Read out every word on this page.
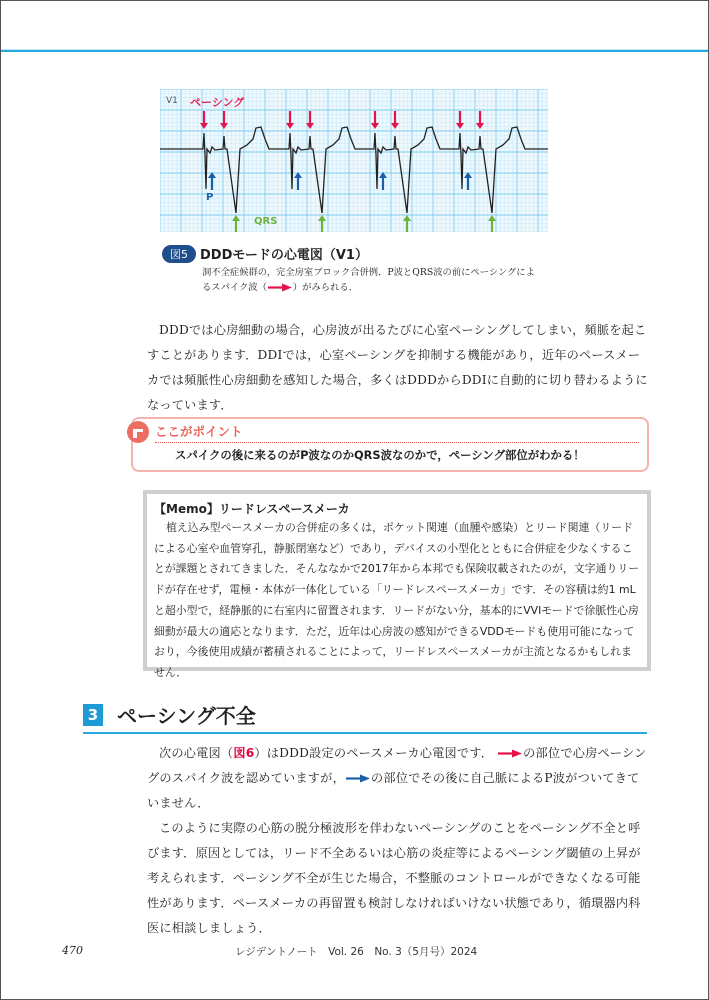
V1 ペーシング
P
QRS
図5 DDDモードの心電図（V1）
洞不全症候群の，完全房室ブロック合併例．P波とQRS波の前にペーシングによ
るスパイク波（	）がみられる．

DDDでは心房細動の場合，心房波が出るたびに心室ペーシングしてしまい，頻脈を起こ

すことがあります．DDIでは，心室ペーシングを抑制する機能があり，近年のペースメー

カでは頻脈性心房細動を感知した場合，多くはDDDからDDIに自動的に切り替わるように

なっています．

ここがポイント
スパイクの後に来るのがP波なのかQRS波なのかで，ペーシング部位がわかる！
【Memo】リードレスペースメーカ
植え込み型ペースメーカの合併症の多くは，ポケット関連（血腫や感染）とリード関連（リードによる心室や血管穿孔，静脈閉塞など）であり，デバイスの小型化とともに合併症を少なくすることが課題とされてきました．そんななかで2017年から本邦でも保険収載されたのが，文字通りリードが存在せず，電極・本体が一体化している「リードレスペースメーカ」です．その容積は約1 mLと超小型で，経静脈的に右室内に留置されます．リードがない分，基本的にVVIモードで徐脈性心房細動が最大の適応となります．ただ，近年は心房波の感知ができるVDDモードも使用可能になっており，今後使用成績が蓄積されることによって，リードレスペースメーカが主流となるかもしれません．
3 ペーシング不全

次の心電図（図6）はDDD設定のペースメーカ心電図です． の部位で心房ペーシン

グのスパイク波を認めていますが， の部位でその後に自己脈によるP波がついてきて

いません．

このように実際の心筋の脱分極波形を伴わないペーシングのことをペーシング不全と呼

びます．原因としては，リード不全あるいは心筋の炎症等によるペーシング閾値の上昇が

考えられます．ペーシング不全が生じた場合，不整脈のコントロールができなくなる可能

性があります．ペースメーカの再留置も検討しなければいけない状態であり，循環器内科

医に相談しましょう．

470	レジデントノート　Vol. 26　No. 3（5月号）2024
